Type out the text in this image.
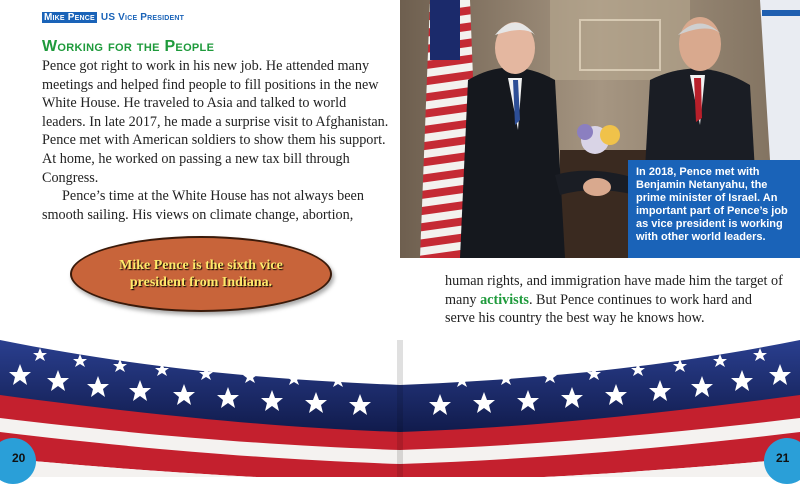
Mike Pence US Vice President
Working for the People

Pence got right to work in his new job. He attended many meetings and helped find people to fill positions in the new White House. He traveled to Asia and talked to world leaders. In late 2017, he made a surprise visit to Afghanistan. Pence met with American soldiers to show them his support. At home, he worked on passing a new tax bill through Congress.

Pence’s time at the White House has not always been smooth sailing. His views on climate change, abortion,

Mike Pence is the sixth vice president from Indiana.
In 2018, Pence met with Benjamin Netanyahu, the prime minister of Israel. An important part of Pence’s job as vice president is working with other world leaders.
human rights, and immigration have made him the target of many activists. But Pence continues to work hard and serve his country the best way he knows how.
20	21
